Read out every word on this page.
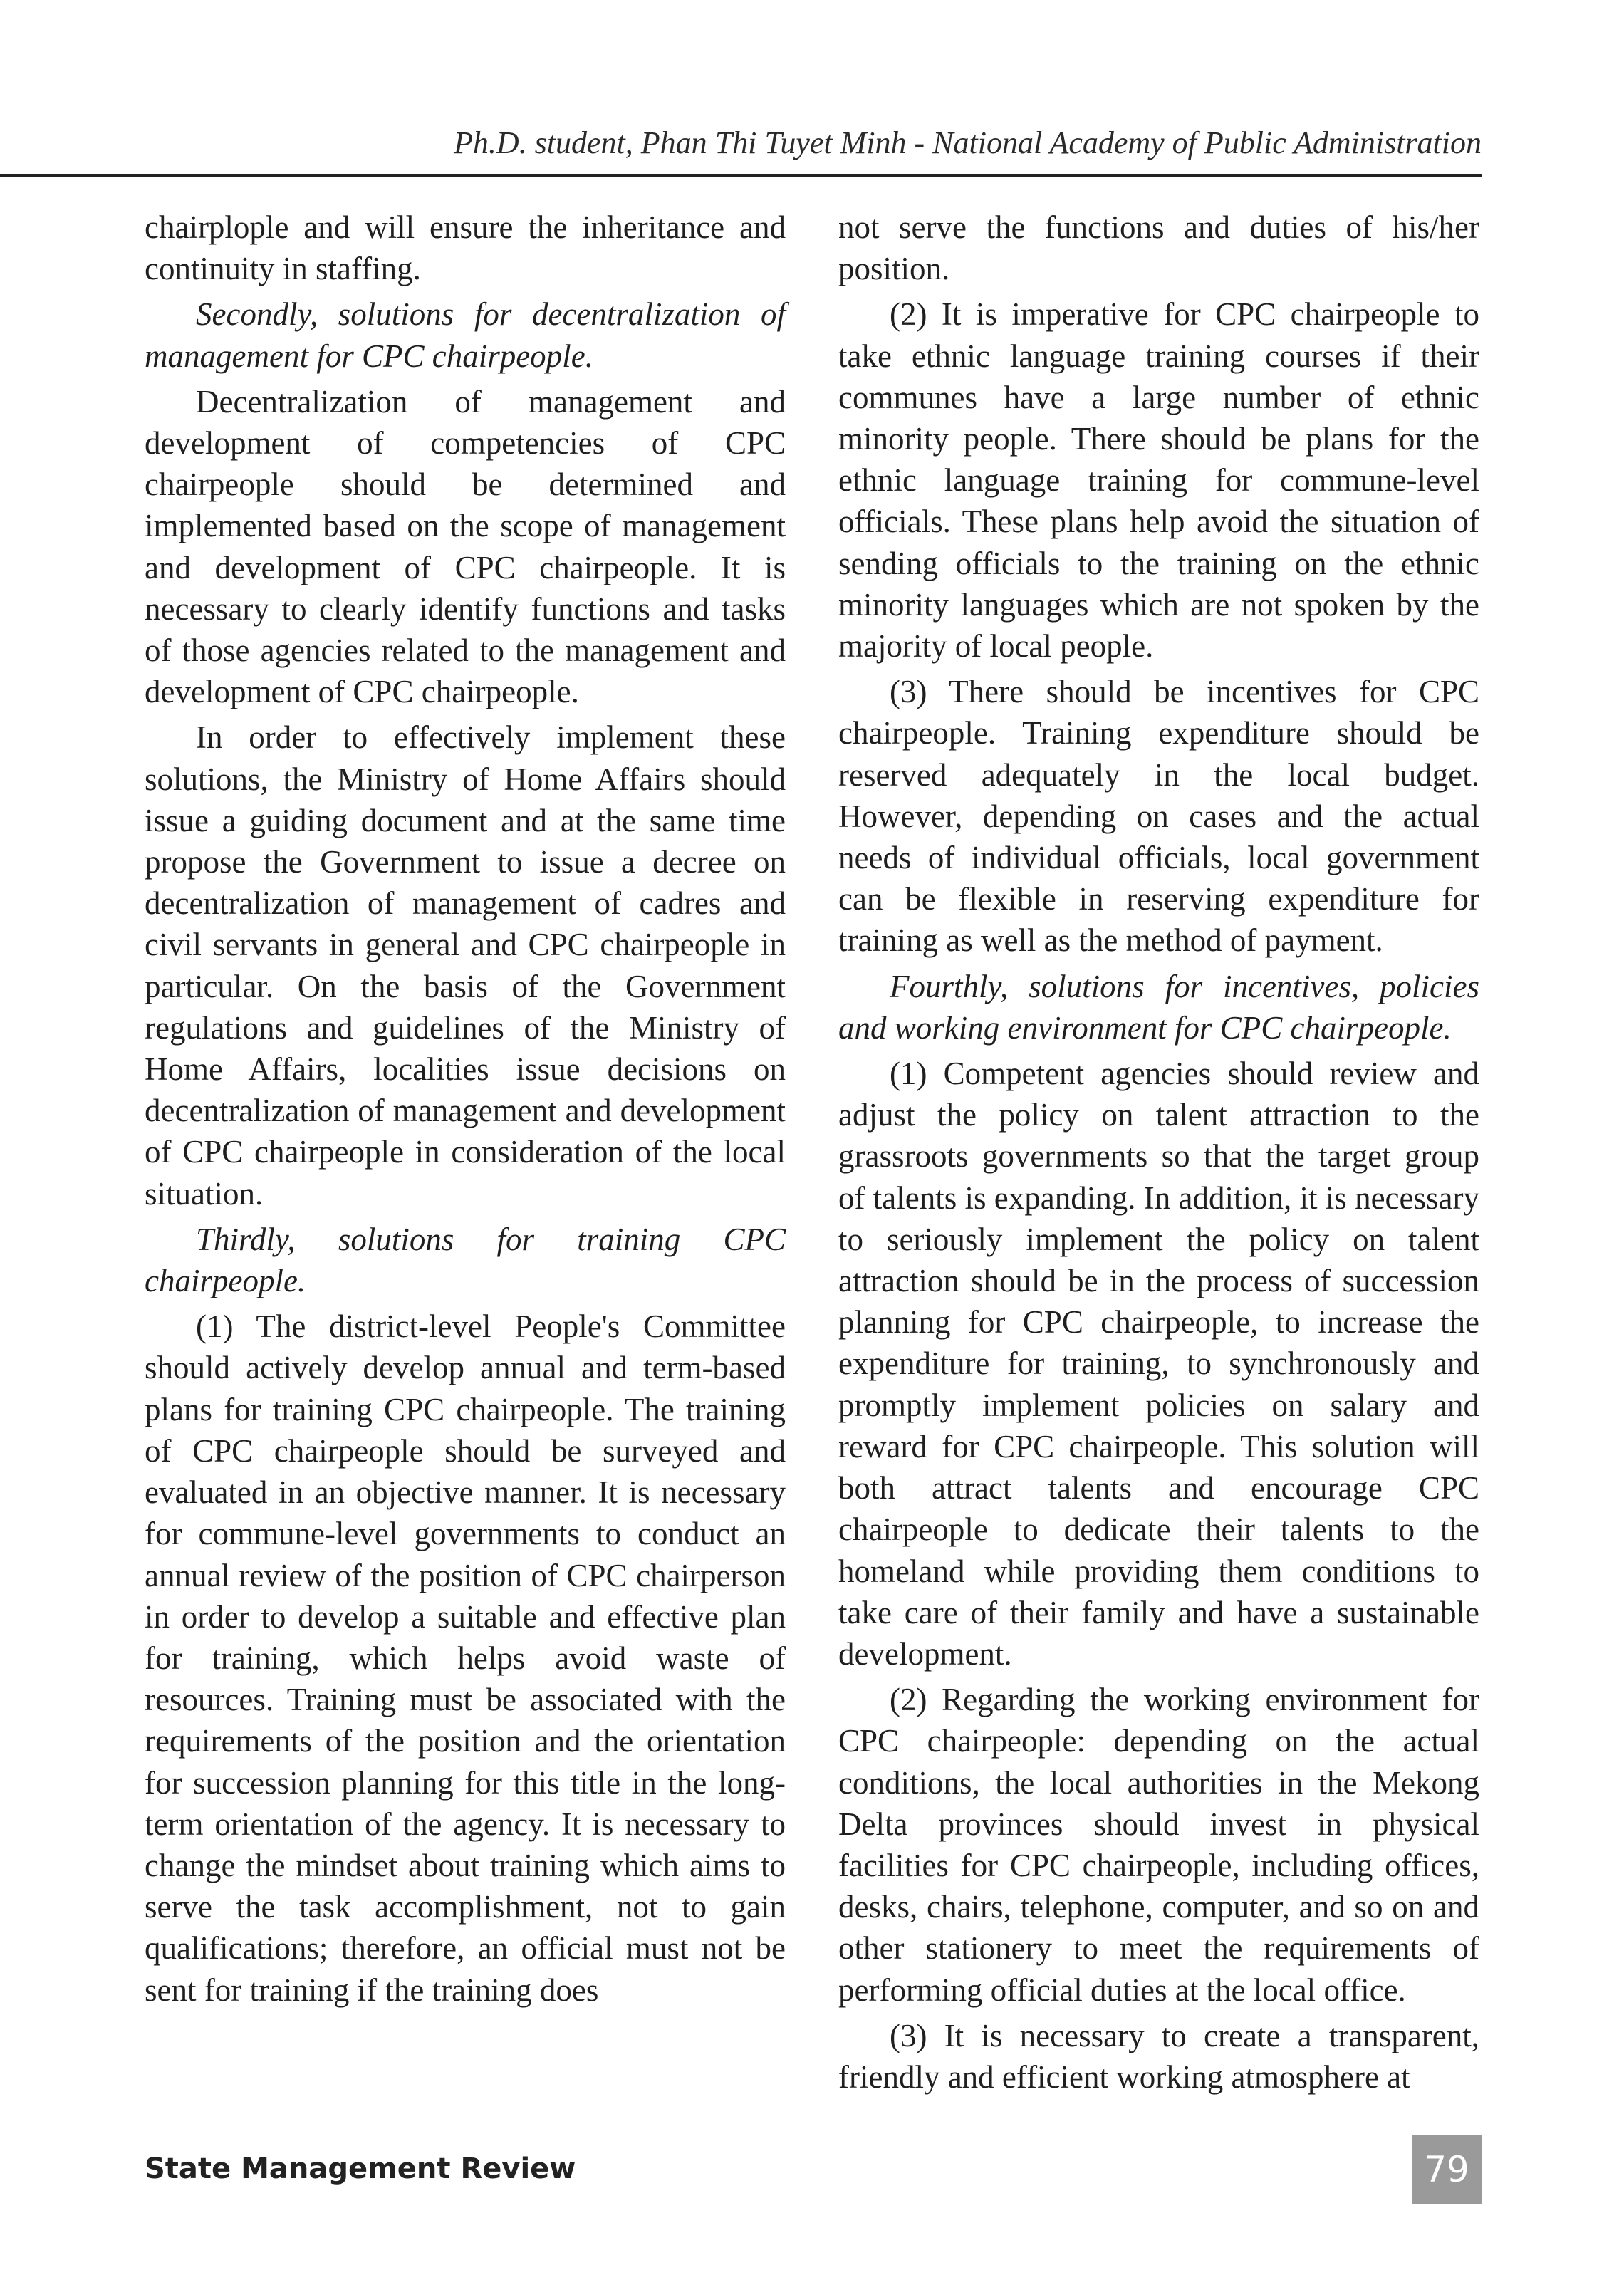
Ph.D. student, Phan Thi Tuyet Minh - National Academy of Public Administration

chairplople and will ensure the inheritance and continuity in staffing.

Secondly, solutions for decentralization of management for CPC chairpeople.

Decentralization of management and development of competencies of CPC chairpeople should be determined and implemented based on the scope of management and development of CPC chairpeople. It is necessary to clearly identify functions and tasks of those agencies related to the management and development of CPC chairpeople.

In order to effectively implement these solutions, the Ministry of Home Affairs should issue a guiding document and at the same time propose the Government to issue a decree on decentralization of management of cadres and civil servants in general and CPC chairpeople in particular. On the basis of the Government regulations and guidelines of the Ministry of Home Affairs, localities issue decisions on decentralization of management and development of CPC chairpeople in consideration of the local situation.

Thirdly, solutions for training CPC chairpeople.

(1) The district-level People's Committee should actively develop annual and term-based plans for training CPC chairpeople. The training of CPC chairpeople should be surveyed and evaluated in an objective manner. It is necessary for commune-level governments to conduct an annual review of the position of CPC chairperson in order to develop a suitable and effective plan for training, which helps avoid waste of resources. Training must be associated with the requirements of the position and the orientation for succession planning for this title in the long-term orientation of the agency. It is necessary to change the mindset about training which aims to serve the task accomplishment, not to gain qualifications; therefore, an official must not be sent for training if the training does

not serve the functions and duties of his/her position.

(2) It is imperative for CPC chairpeople to take ethnic language training courses if their communes have a large number of ethnic minority people. There should be plans for the ethnic language training for commune-level officials. These plans help avoid the situation of sending officials to the training on the ethnic minority languages which are not spoken by the majority of local people.

(3) There should be incentives for CPC chairpeople. Training expenditure should be reserved adequately in the local budget. However, depending on cases and the actual needs of individual officials, local government can be flexible in reserving expenditure for training as well as the method of payment.

Fourthly, solutions for incentives, policies and working environment for CPC chairpeople.

(1) Competent agencies should review and adjust the policy on talent attraction to the grassroots governments so that the target group of talents is expanding. In addition, it is necessary to seriously implement the policy on talent attraction should be in the process of succession planning for CPC chairpeople, to increase the expenditure for training, to synchronously and promptly implement policies on salary and reward for CPC chairpeople. This solution will both attract talents and encourage CPC chairpeople to dedicate their talents to the homeland while providing them conditions to take care of their family and have a sustainable development.

(2) Regarding the working environment for CPC chairpeople: depending on the actual conditions, the local authorities in the Mekong Delta provinces should invest in physical facilities for CPC chairpeople, including offices, desks, chairs, telephone, computer, and so on and other stationery to meet the requirements of performing official duties at the local office.

(3) It is necessary to create a transparent, friendly and efficient working atmosphere at

State Management Review	79
